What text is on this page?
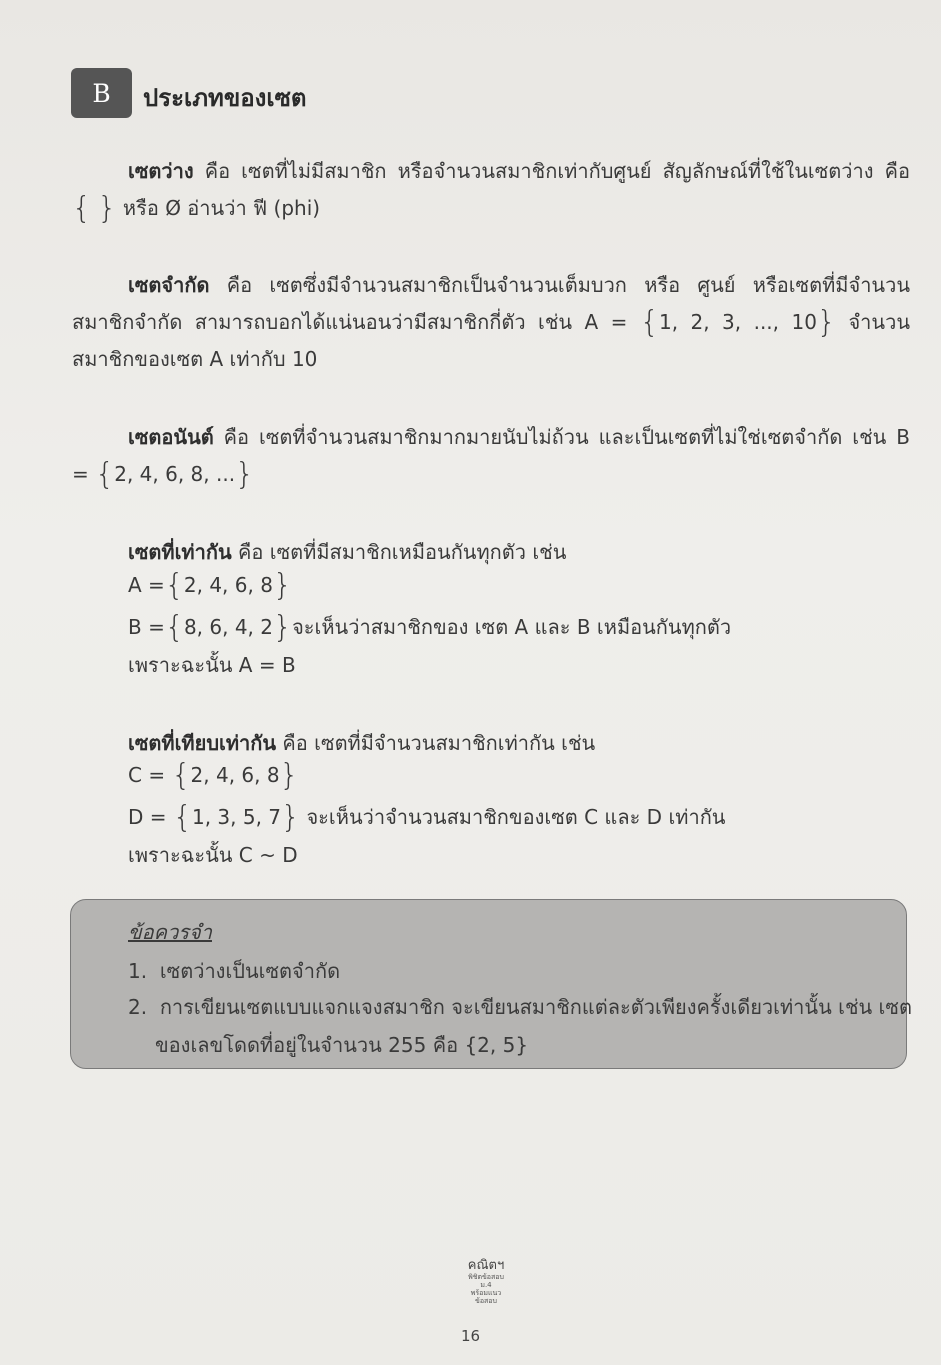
B ประเภทของเซต

เซตว่าง คือ เซตที่ไม่มีสมาชิก หรือจำนวนสมาชิกเท่ากับศูนย์ สัญลักษณ์ที่ใช้ในเซตว่าง คือ { } หรือ Ø อ่านว่า ฟี (phi)

เซตจำกัด คือ เซตซึ่งมีจำนวนสมาชิกเป็นจำนวนเต็มบวก หรือ ศูนย์ หรือเซตที่มีจำนวนสมาชิกจำกัด สามารถบอกได้แน่นอนว่ามีสมาชิกกี่ตัว เช่น A = {1, 2, 3, ..., 10} จำนวนสมาชิกของเซต A เท่ากับ 10

เซตอนันต์ คือ เซตที่จำนวนสมาชิกมากมายนับไม่ถ้วน และเป็นเซตที่ไม่ใช่เซตจำกัด เช่น B = {2, 4, 6, 8, ...}

เซตที่เท่ากัน คือ เซตที่มีสมาชิกเหมือนกันทุกตัว เช่น
A ={2, 4, 6, 8}
B ={8, 6, 4, 2}จะเห็นว่าสมาชิกของ เซต A และ B เหมือนกันทุกตัว
เพราะฉะนั้น A = B
เซตที่เทียบเท่ากัน คือ เซตที่มีจำนวนสมาชิกเท่ากัน เช่น
C = {2, 4, 6, 8}
D = {1, 3, 5, 7} จะเห็นว่าจำนวนสมาชิกของเซต C และ D เท่ากัน
เพราะฉะนั้น C ~ D
ข้อควรจำ
1. เซตว่างเป็นเซตจำกัด
2. การเขียนเซตแบบแจกแจงสมาชิก จะเขียนสมาชิกแต่ละตัวเพียงครั้งเดียวเท่านั้น เช่น เซต
ของเลขโดดที่อยู่ในจำนวน 255 คือ {2, 5}
คณิตฯ
พิชิตข้อสอบ ม.4
พร้อมแนวข้อสอบ
16
